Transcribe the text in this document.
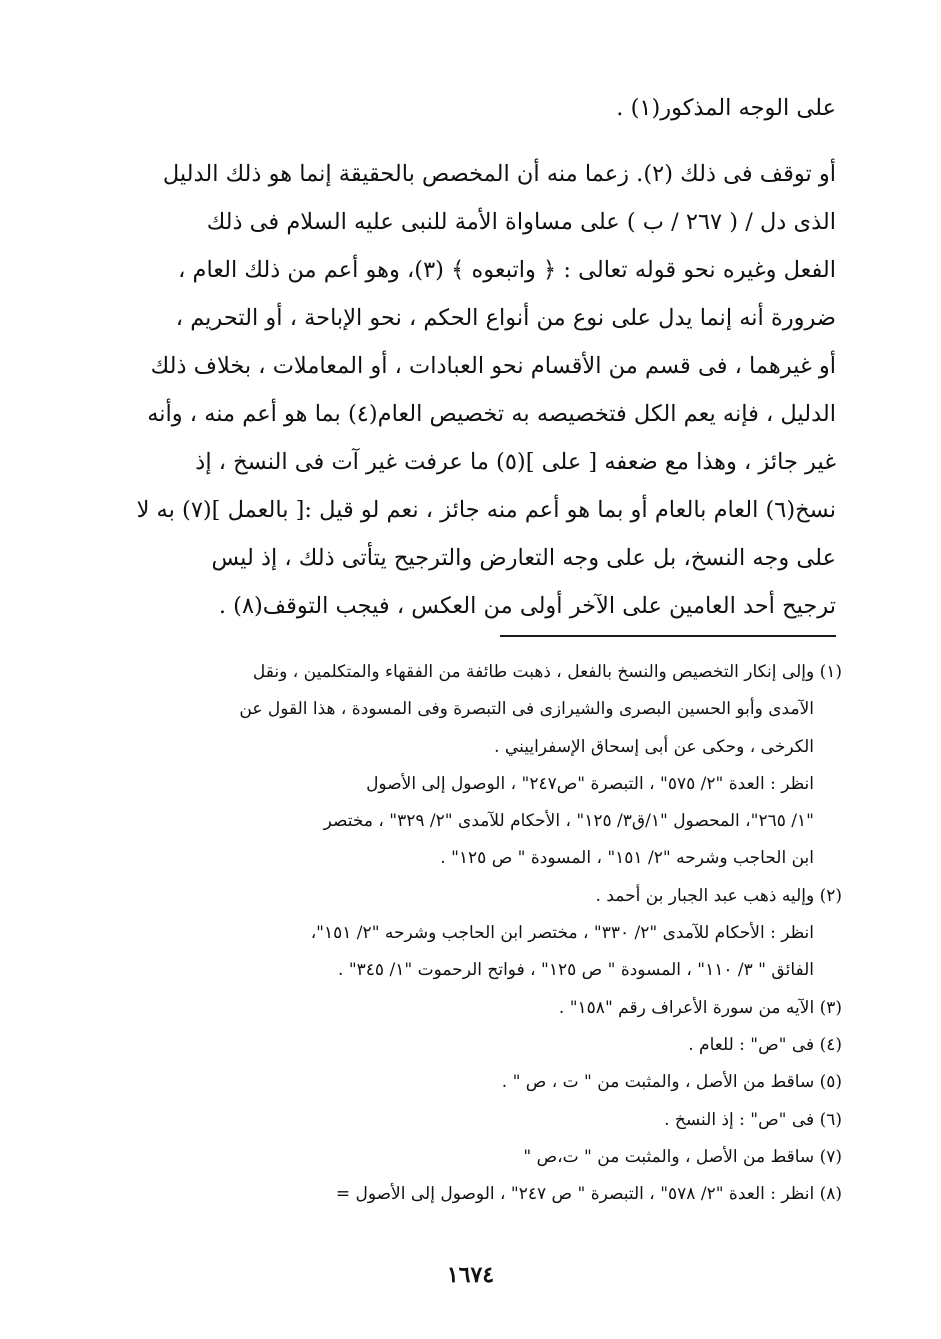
على الوجه المذكور(١) .
أو توقف فى ذلك (٢). زعما منه أن المخصص بالحقيقة إنما هو ذلك الدليل
الذى دل / ( ٢٦٧ / ب ) على مساواة الأمة للنبى عليه السلام فى ذلك
الفعل وغيره نحو قوله تعالى : ﴿ واتبعوه ﴾ (٣)، وهو أعم من ذلك العام ،
ضرورة أنه إنما يدل على نوع من أنواع الحكم ، نحو الإباحة ، أو التحريم ،
أو غيرهما ، فى قسم من الأقسام نحو العبادات ، أو المعاملات ، بخلاف ذلك
الدليل ، فإنه يعم الكل فتخصيصه به تخصيص العام(٤) بما هو أعم منه ، وأنه
غير جائز ، وهذا مع ضعفه [ على ](٥) ما عرفت غير آت فى النسخ ، إذ
نسخ(٦) العام بالعام أو بما هو أعم منه جائز ، نعم لو قيل :[ بالعمل ](٧) به لا
على وجه النسخ، بل على وجه التعارض والترجيح يتأتى ذلك ، إذ ليس
ترجيح أحد العامين على الآخر أولى من العكس ، فيجب التوقف(٨) .
(١) وإلى إنكار التخصيص والنسخ بالفعل ، ذهبت طائفة من الفقهاء والمتكلمين ، ونقل
الآمدى وأبو الحسين البصرى والشيرازى فى التبصرة وفى المسودة ، هذا القول عن
الكرخى ، وحكى عن أبى إسحاق الإسفراييني .
انظر : العدة "٢/ ٥٧٥" ، التبصرة "ص٢٤٧" ، الوصول إلى الأصول
"١/ ٢٦٥"، المحصول "١/ق٣/ ١٢٥" ، الأحكام للآمدى "٢/ ٣٢٩" ، مختصر
ابن الحاجب وشرحه "٢/ ١٥١" ، المسودة " ص ١٢٥" .
(٢) وإليه ذهب عبد الجبار بن أحمد .
انظر : الأحكام للآمدى "٢/ ٣٣٠" ، مختصر ابن الحاجب وشرحه "٢/ ١٥١"،
الفائق " ٣/ ١١٠" ، المسودة " ص ١٢٥" ، فواتح الرحموت "١/ ٣٤٥" .
(٣) الآيه من سورة الأعراف رقم "١٥٨" .
(٤) فى "ص" : للعام .
(٥) ساقط من الأصل ، والمثبت من " ت ، ص " .
(٦) فى "ص" : إذ النسخ .
(٧) ساقط من الأصل ، والمثبت من " ت،ص "
(٨) انظر : العدة "٢/ ٥٧٨" ، التبصرة " ص ٢٤٧" ، الوصول إلى الأصول =
١٦٧٤
